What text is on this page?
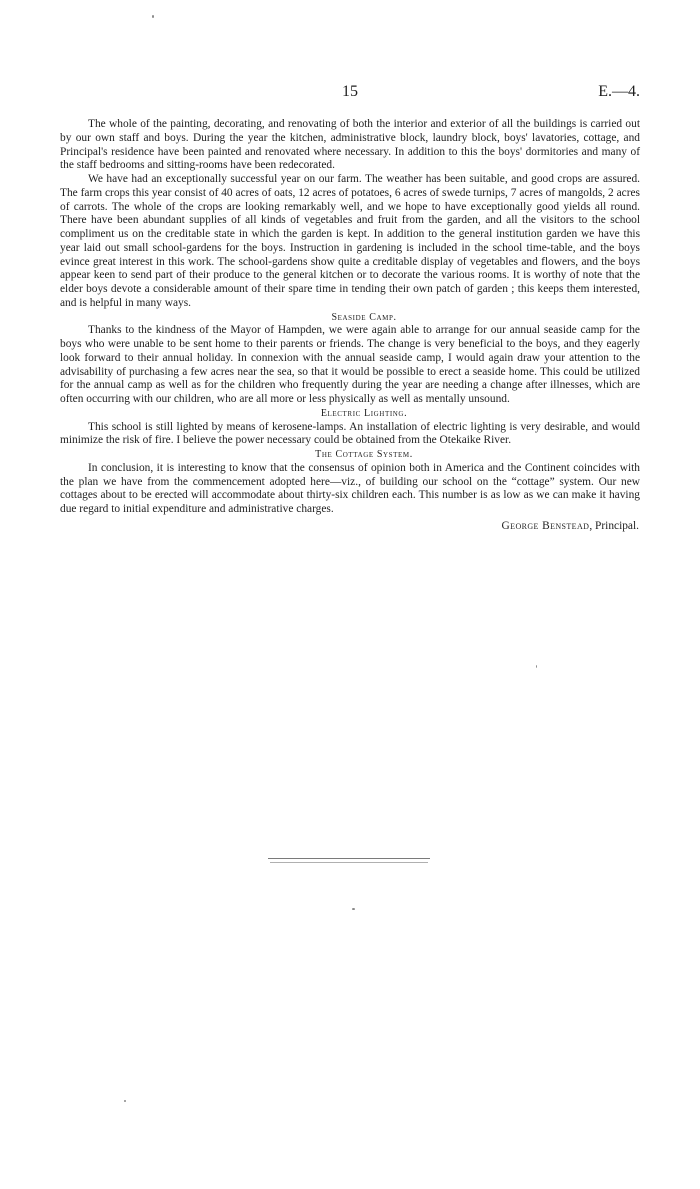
15	E.—4.

The whole of the painting, decorating, and renovating of both the interior and exterior of all the buildings is carried out by our own staff and boys. During the year the kitchen, administrative block, laundry block, boys' lavatories, cottage, and Principal's residence have been painted and renovated where necessary. In addition to this the boys' dormitories and many of the staff bedrooms and sitting-rooms have been redecorated.

We have had an exceptionally successful year on our farm. The weather has been suitable, and good crops are assured. The farm crops this year consist of 40 acres of oats, 12 acres of potatoes, 6 acres of swede turnips, 7 acres of mangolds, 2 acres of carrots. The whole of the crops are looking remarkably well, and we hope to have exceptionally good yields all round. There have been abundant supplies of all kinds of vegetables and fruit from the garden, and all the visitors to the school compliment us on the creditable state in which the garden is kept. In addition to the general institution garden we have this year laid out small school-gardens for the boys. Instruction in gardening is included in the school time-table, and the boys evince great interest in this work. The school-gardens show quite a creditable display of vegetables and flowers, and the boys appear keen to send part of their produce to the general kitchen or to decorate the various rooms. It is worthy of note that the elder boys devote a considerable amount of their spare time in tending their own patch of garden ; this keeps them interested, and is helpful in many ways.

Seaside Camp.

Thanks to the kindness of the Mayor of Hampden, we were again able to arrange for our annual seaside camp for the boys who were unable to be sent home to their parents or friends. The change is very beneficial to the boys, and they eagerly look forward to their annual holiday. In connexion with the annual seaside camp, I would again draw your attention to the advisability of purchasing a few acres near the sea, so that it would be possible to erect a seaside home. This could be utilized for the annual camp as well as for the children who frequently during the year are needing a change after illnesses, which are often occurring with our children, who are all more or less physically as well as mentally unsound.

Electric Lighting.

This school is still lighted by means of kerosene-lamps. An installation of electric lighting is very desirable, and would minimize the risk of fire. I believe the power necessary could be obtained from the Otekaike River.

The Cottage System.

In conclusion, it is interesting to know that the consensus of opinion both in America and the Continent coincides with the plan we have from the commencement adopted here—viz., of building our school on the “cottage” system. Our new cottages about to be erected will accommodate about thirty-six children each. This number is as low as we can make it having due regard to initial expenditure and administrative charges.

George Benstead, Principal.
